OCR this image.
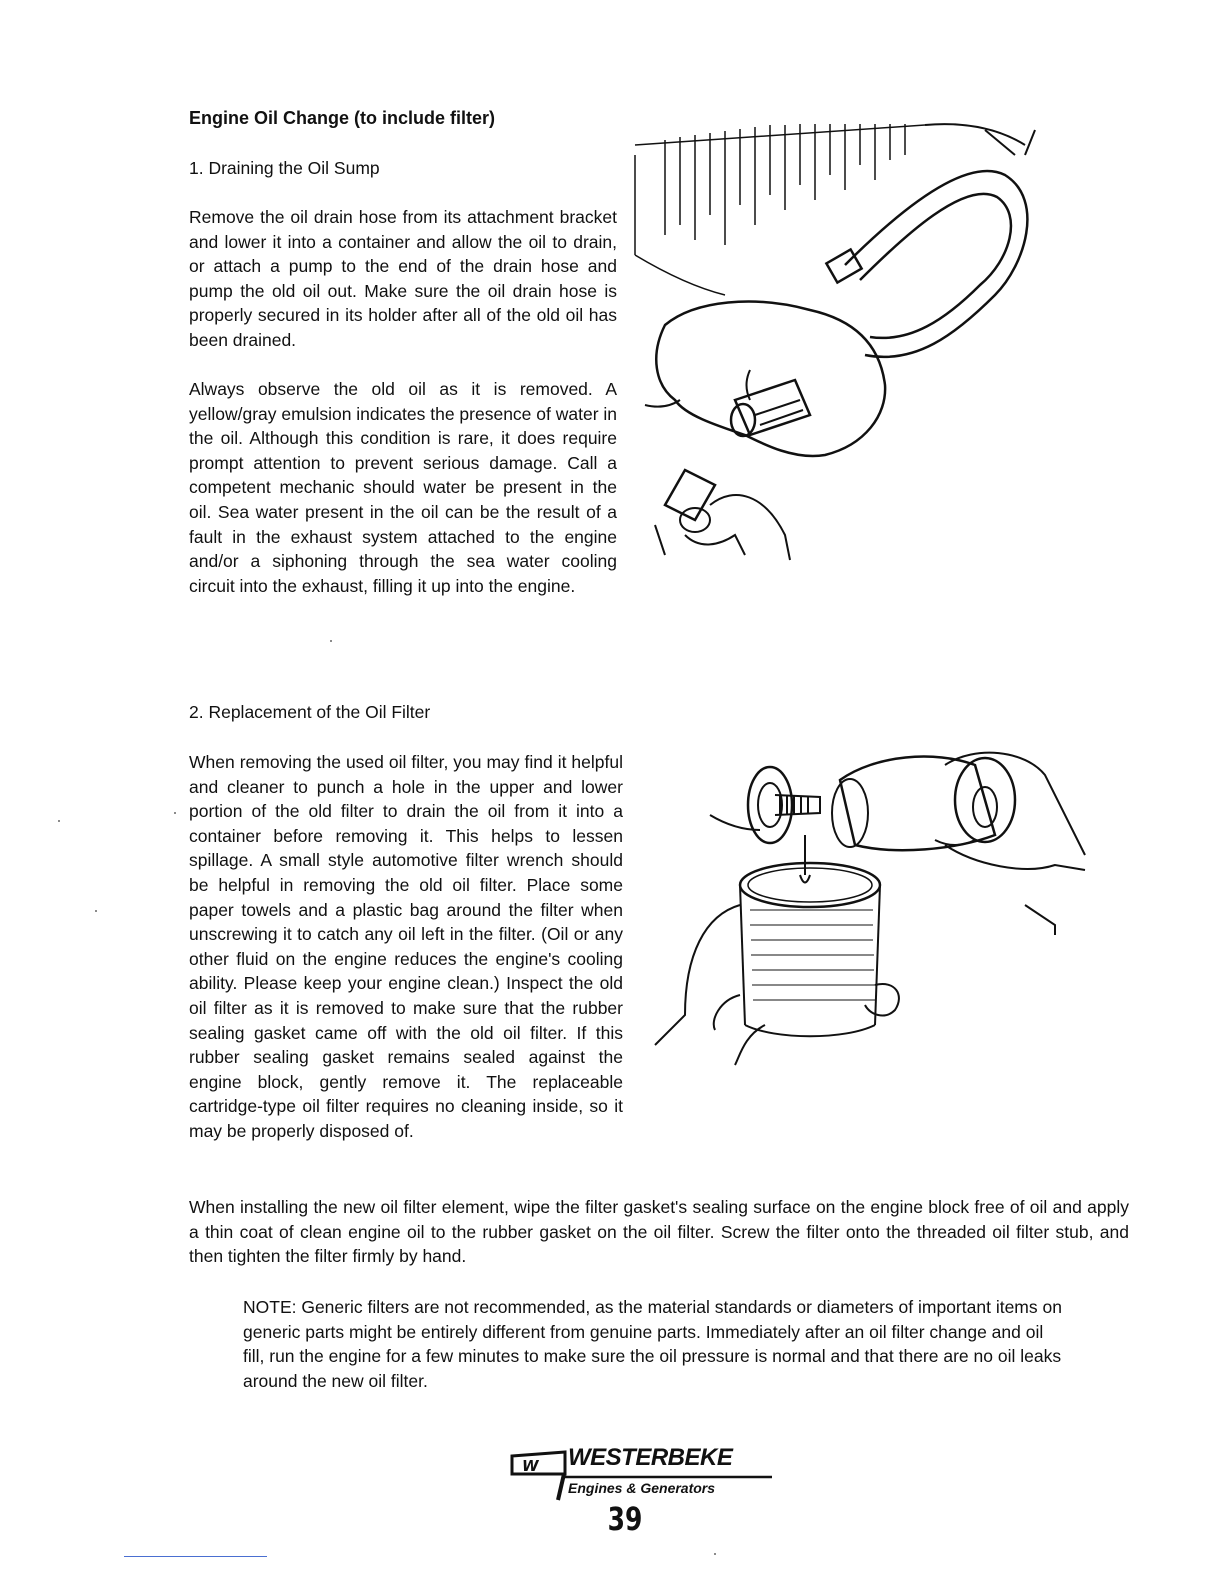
Engine Oil Change (to include filter)

1. Draining the Oil Sump

Remove the oil drain hose from its attachment bracket and lower it into a container and allow the oil to drain, or attach a pump to the end of the drain hose and pump the old oil out. Make sure the oil drain hose is properly secured in its holder after all of the old oil has been drained.

Always observe the old oil as it is removed. A yellow/gray emulsion indicates the presence of water in the oil. Although this condition is rare, it does require prompt attention to prevent serious damage. Call a competent mechanic should water be present in the oil. Sea water present in the oil can be the result of a fault in the exhaust system attached to the engine and/or a siphoning through the sea water cooling circuit into the exhaust, filling it up into the engine.

2. Replacement of the Oil Filter

When removing the used oil filter, you may find it helpful and cleaner to punch a hole in the upper and lower portion of the old filter to drain the oil from it into a container before removing it. This helps to lessen spillage. A small style automotive filter wrench should be helpful in removing the old oil filter. Place some paper towels and a plastic bag around the filter when unscrewing it to catch any oil left in the filter. (Oil or any other fluid on the engine reduces the engine's cooling ability. Please keep your engine clean.) Inspect the old oil filter as it is removed to make sure that the rubber sealing gasket came off with the old oil filter. If this rubber sealing gasket remains sealed against the engine block, gently remove it. The replaceable cartridge-type oil filter requires no cleaning inside, so it may be properly disposed of.

When installing the new oil filter element, wipe the filter gasket's sealing surface on the engine block free of oil and apply a thin coat of clean engine oil to the rubber gasket on the oil filter. Screw the filter onto the threaded oil filter stub, and then tighten the filter firmly by hand.

NOTE: Generic filters are not recommended, as the material standards or diameters of important items on generic parts might be entirely different from genuine parts. Immediately after an oil filter change and oil fill, run the engine for a few minutes to make sure the oil pressure is normal and that there are no oil leaks around the new oil filter.

W WESTERBEKE
Engines & Generators
39
